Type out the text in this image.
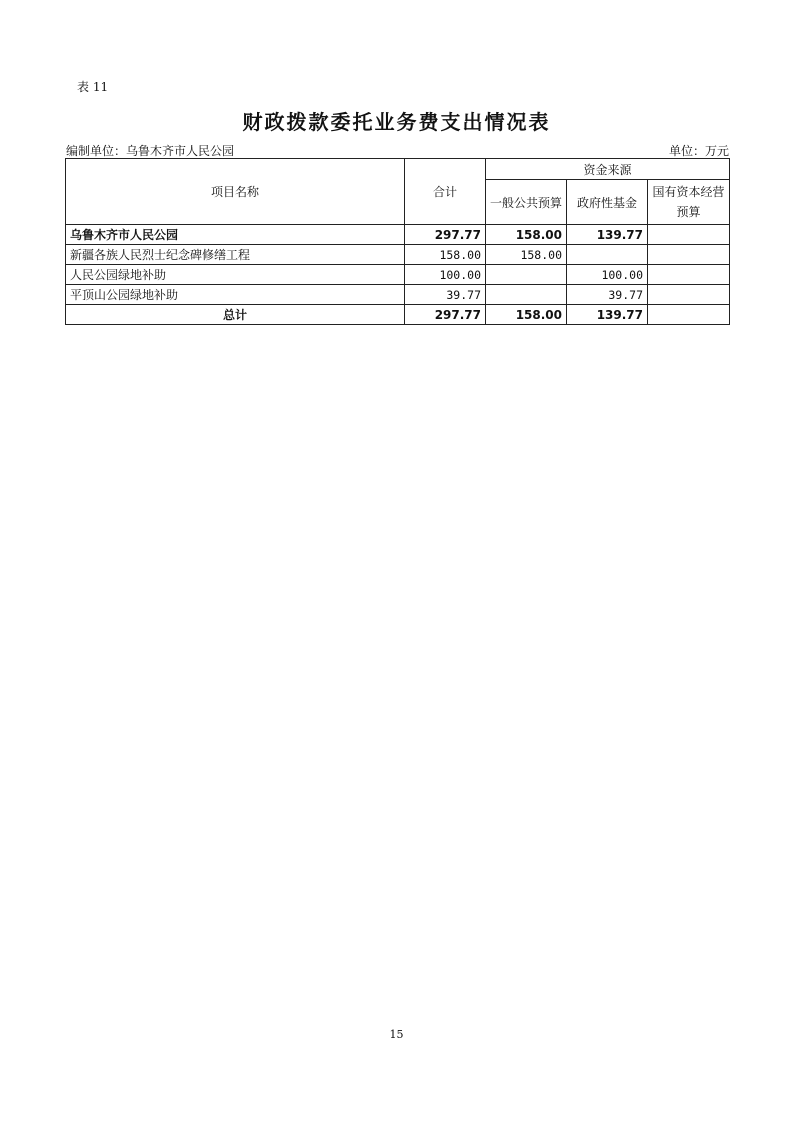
表 11
财政拨款委托业务费支出情况表
编制单位：乌鲁木齐市人民公园	单位：万元
项目名称	合计	资金来源		
		一般公共预算	政府性基金	国有资本经营
预算

乌鲁木齐市人民公园	297.77	158.00	139.77	
新疆各族人民烈士纪念碑修缮工程	158.00	158.00		
人民公园绿地补助	100.00		100.00	
平顶山公园绿地补助	39.77		39.77	
总计	297.77	158.00	139.77	
15
